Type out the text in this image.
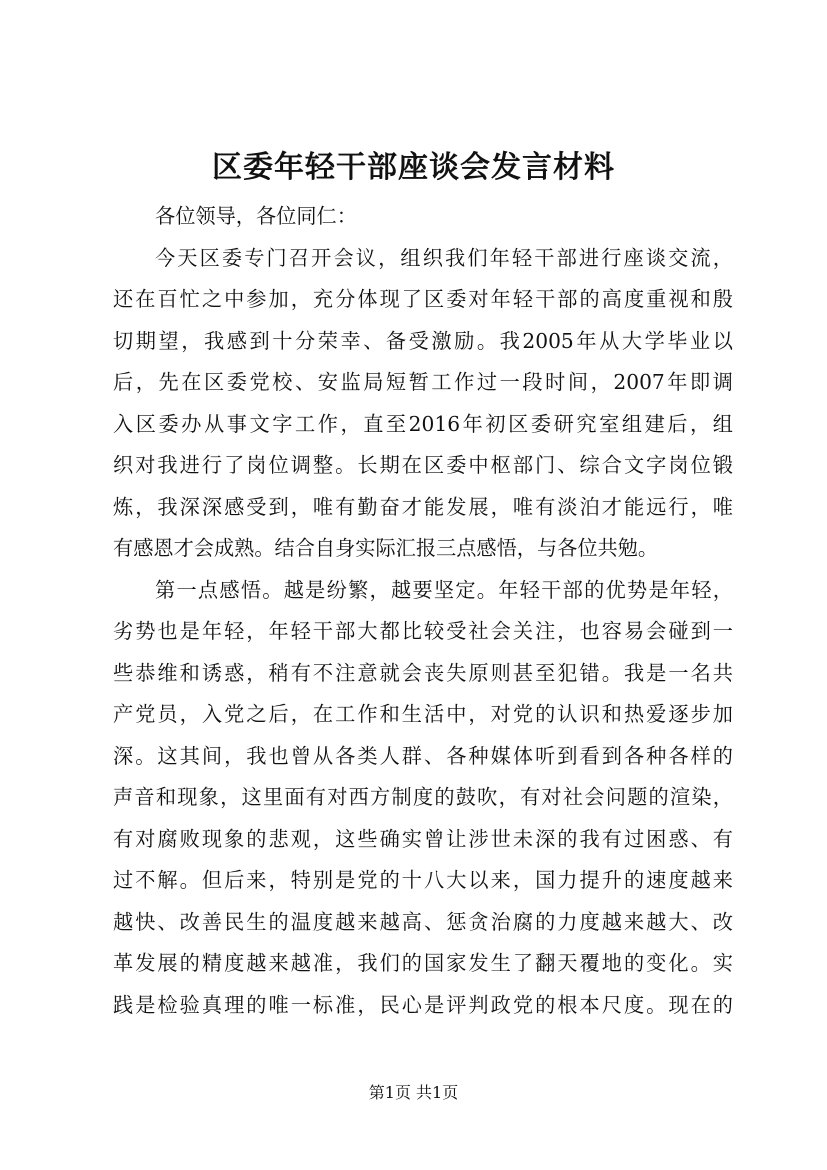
区委年轻干部座谈会发言材料
各位领导，各位同仁：
今天区委专门召开会议，组织我们年轻干部进行座谈交流，
还在百忙之中参加，充分体现了区委对年轻干部的高度重视和殷
切期望，我感到十分荣幸、备受激励。我2005年从大学毕业以
后，先在区委党校、安监局短暂工作过一段时间，2007年即调
入区委办从事文字工作，直至2016年初区委研究室组建后，组
织对我进行了岗位调整。长期在区委中枢部门、综合文字岗位锻
炼，我深深感受到，唯有勤奋才能发展，唯有淡泊才能远行，唯
有感恩才会成熟。结合自身实际汇报三点感悟，与各位共勉。
第一点感悟。越是纷繁，越要坚定。年轻干部的优势是年轻，
劣势也是年轻，年轻干部大都比较受社会关注，也容易会碰到一
些恭维和诱惑，稍有不注意就会丧失原则甚至犯错。我是一名共
产党员，入党之后，在工作和生活中，对党的认识和热爱逐步加
深。这其间，我也曾从各类人群、各种媒体听到看到各种各样的
声音和现象，这里面有对西方制度的鼓吹，有对社会问题的渲染，
有对腐败现象的悲观，这些确实曾让涉世未深的我有过困惑、有
过不解。但后来，特别是党的十八大以来，国力提升的速度越来
越快、改善民生的温度越来越高、惩贪治腐的力度越来越大、改
革发展的精度越来越准，我们的国家发生了翻天覆地的变化。实
践是检验真理的唯一标准，民心是评判政党的根本尺度。现在的
第1页 共1页
